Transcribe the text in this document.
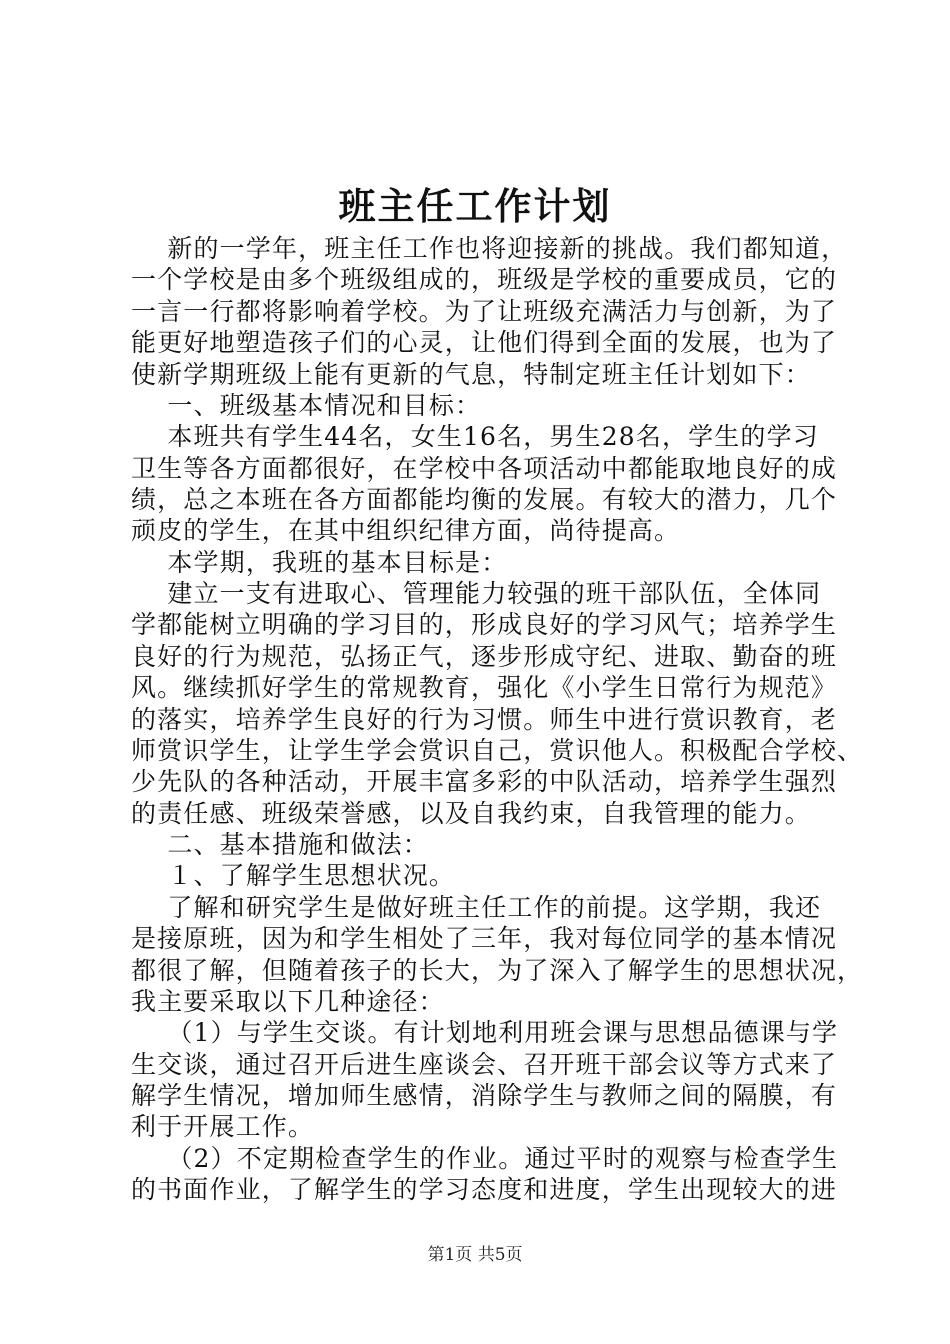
班主任工作计划
新的一学年，班主任工作也将迎接新的挑战。我们都知道，
一个学校是由多个班级组成的，班级是学校的重要成员，它的
一言一行都将影响着学校。为了让班级充满活力与创新，为了
能更好地塑造孩子们的心灵，让他们得到全面的发展，也为了
使新学期班级上能有更新的气息，特制定班主任计划如下：
一、班级基本情况和目标：
本班共有学生44名，女生16名，男生28名，学生的学习
卫生等各方面都很好，在学校中各项活动中都能取地良好的成
绩，总之本班在各方面都能均衡的发展。有较大的潜力，几个
顽皮的学生，在其中组织纪律方面，尚待提高。
本学期，我班的基本目标是：
建立一支有进取心、管理能力较强的班干部队伍，全体同
学都能树立明确的学习目的，形成良好的学习风气；培养学生
良好的行为规范，弘扬正气，逐步形成守纪、进取、勤奋的班
风。继续抓好学生的常规教育，强化《小学生日常行为规范》
的落实，培养学生良好的行为习惯。师生中进行赏识教育，老
师赏识学生，让学生学会赏识自己，赏识他人。积极配合学校、
少先队的各种活动，开展丰富多彩的中队活动，培养学生强烈
的责任感、班级荣誉感，以及自我约束，自我管理的能力。
二、基本措施和做法：
１、了解学生思想状况。
了解和研究学生是做好班主任工作的前提。这学期，我还
是接原班，因为和学生相处了三年，我对每位同学的基本情况
都很了解，但随着孩子的长大，为了深入了解学生的思想状况，
我主要采取以下几种途径：
（1）与学生交谈。有计划地利用班会课与思想品德课与学
生交谈，通过召开后进生座谈会、召开班干部会议等方式来了
解学生情况，增加师生感情，消除学生与教师之间的隔膜，有
利于开展工作。
（2）不定期检查学生的作业。通过平时的观察与检查学生
的书面作业，了解学生的学习态度和进度，学生出现较大的进
第1页 共5页
